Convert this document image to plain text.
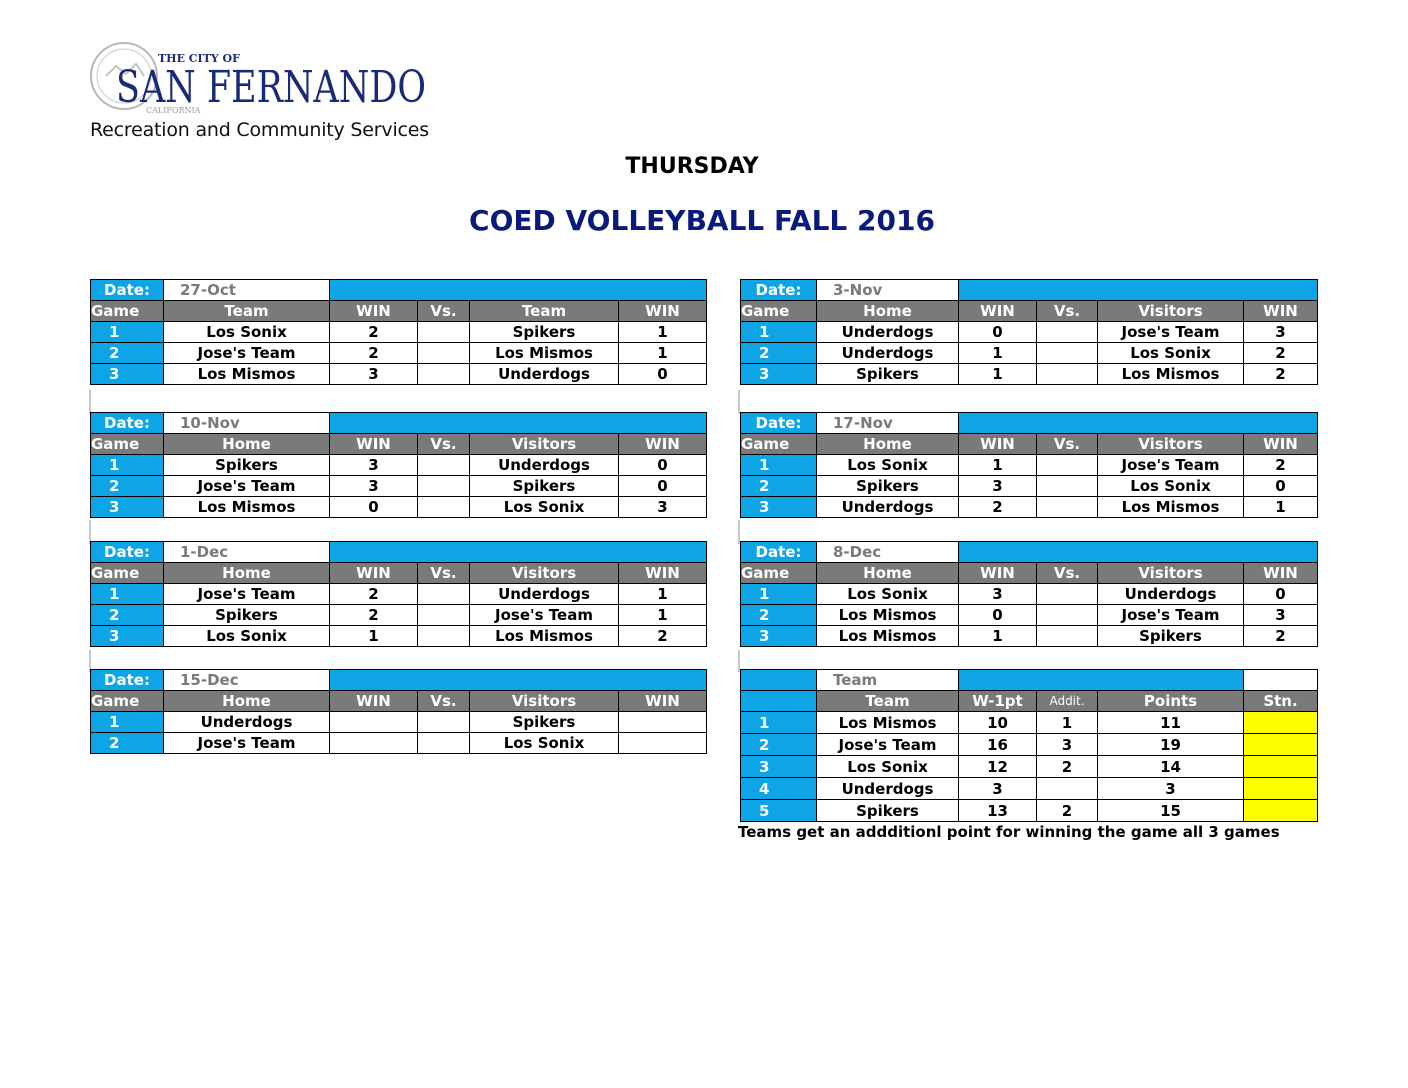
THE CITY OF
SAN FERNANDO
CALIFORNIA
Recreation and Community Services
THURSDAY
COED VOLLEYBALL FALL 2016
Date:	27-Oct				
Game	Team	WIN	Vs.	Team	WIN
1	Los Sonix	2		Spikers	1
2	Jose's Team	2		Los Mismos	1
3	Los Mismos	3		Underdogs	0
Date:	3-Nov				
Game	Home	WIN	Vs.	Visitors	WIN
1	Underdogs	0		Jose's Team	3
2	Underdogs	1		Los Sonix	2
3	Spikers	1		Los Mismos	2
Date:	10-Nov				
Game	Home	WIN	Vs.	Visitors	WIN
1	Spikers	3		Underdogs	0
2	Jose's Team	3		Spikers	0
3	Los Mismos	0		Los Sonix	3
Date:	17-Nov				
Game	Home	WIN	Vs.	Visitors	WIN
1	Los Sonix	1		Jose's Team	2
2	Spikers	3		Los Sonix	0
3	Underdogs	2		Los Mismos	1
Date:	1-Dec				
Game	Home	WIN	Vs.	Visitors	WIN
1	Jose's Team	2		Underdogs	1
2	Spikers	2		Jose's Team	1
3	Los Sonix	1		Los Mismos	2
Date:	8-Dec				
Game	Home	WIN	Vs.	Visitors	WIN
1	Los Sonix	3		Underdogs	0
2	Los Mismos	0		Jose's Team	3
3	Los Mismos	1		Spikers	2
Date:	15-Dec				
Game	Home	WIN	Vs.	Visitors	WIN
1	Underdogs			Spikers	
2	Jose's Team			Los Sonix	
	Team				
	Team	W-1pt	Addit.	Points	Stn.
1	Los Mismos	10	1	11	
2	Jose's Team	16	3	19	
3	Los Sonix	12	2	14	
4	Underdogs	3		3	
5	Spikers	13	2	15	
Teams get an addditionl point for winning the game all 3 games
